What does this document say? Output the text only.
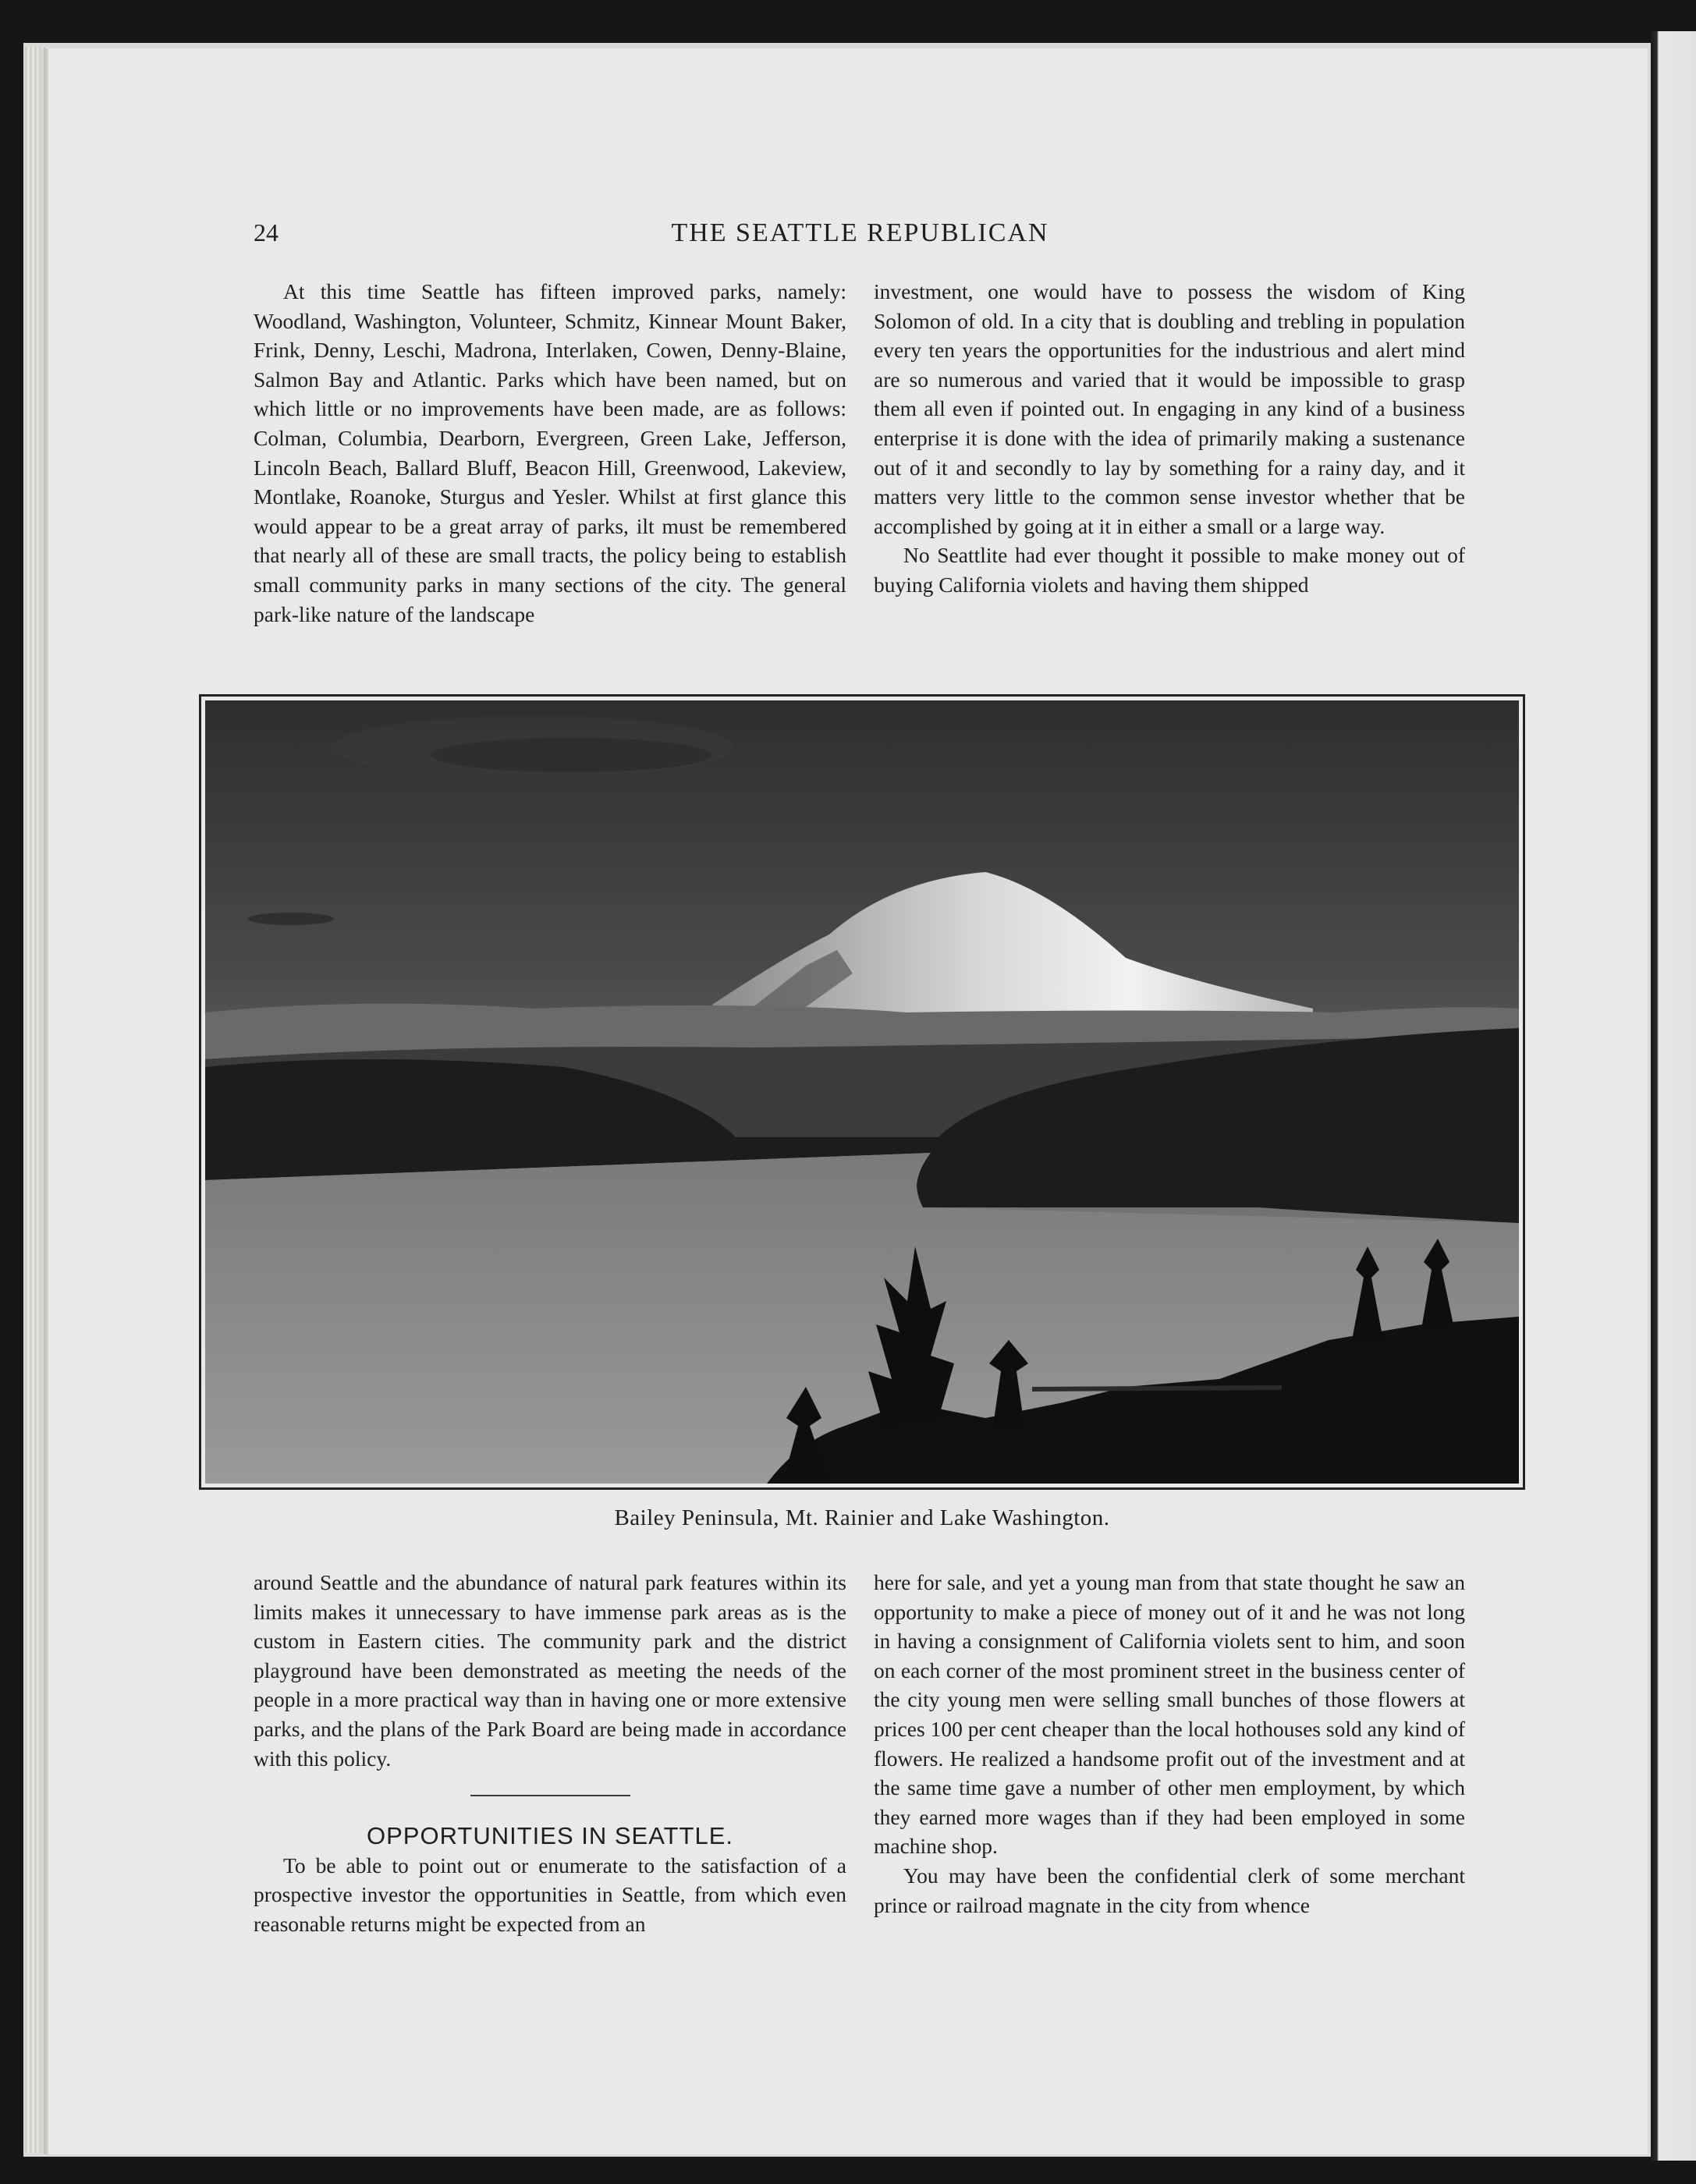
24	THE SEATTLE REPUBLICAN

At this time Seattle has fifteen improved parks, namely: Woodland, Washington, Volunteer, Schmitz, Kinnear Mount Baker, Frink, Denny, Leschi, Madrona, Interlaken, Cowen, Denny-Blaine, Salmon Bay and Atlantic. Parks which have been named, but on which little or no improvements have been made, are as follows: Colman, Columbia, Dearborn, Evergreen, Green Lake, Jefferson, Lincoln Beach, Ballard Bluff, Beacon Hill, Greenwood, Lakeview, Montlake, Roanoke, Sturgus and Yesler. Whilst at first glance this would appear to be a great array of parks, ilt must be remembered that nearly all of these are small tracts, the policy being to establish small community parks in many sections of the city. The general park-like nature of the landscape

investment, one would have to possess the wisdom of King Solomon of old. In a city that is doubling and trebling in population every ten years the opportunities for the industrious and alert mind are so numerous and varied that it would be impossible to grasp them all even if pointed out. In engaging in any kind of a business enterprise it is done with the idea of primarily making a sustenance out of it and secondly to lay by something for a rainy day, and it matters very little to the common sense investor whether that be accomplished by going at it in either a small or a large way.

No Seattlite had ever thought it possible to make money out of buying California violets and having them shipped

Bailey Peninsula, Mt. Rainier and Lake Washington.

around Seattle and the abundance of natural park features within its limits makes it unnecessary to have immense park areas as is the custom in Eastern cities. The community park and the district playground have been demonstrated as meeting the needs of the people in a more practical way than in having one or more extensive parks, and the plans of the Park Board are being made in accordance with this policy.

OPPORTUNITIES IN SEATTLE.

To be able to point out or enumerate to the satisfaction of a prospective investor the opportunities in Seattle, from which even reasonable returns might be expected from an

here for sale, and yet a young man from that state thought he saw an opportunity to make a piece of money out of it and he was not long in having a consignment of California violets sent to him, and soon on each corner of the most prominent street in the business center of the city young men were selling small bunches of those flowers at prices 100 per cent cheaper than the local hothouses sold any kind of flowers. He realized a handsome profit out of the investment and at the same time gave a number of other men employment, by which they earned more wages than if they had been employed in some machine shop.

You may have been the confidential clerk of some merchant prince or railroad magnate in the city from whence
